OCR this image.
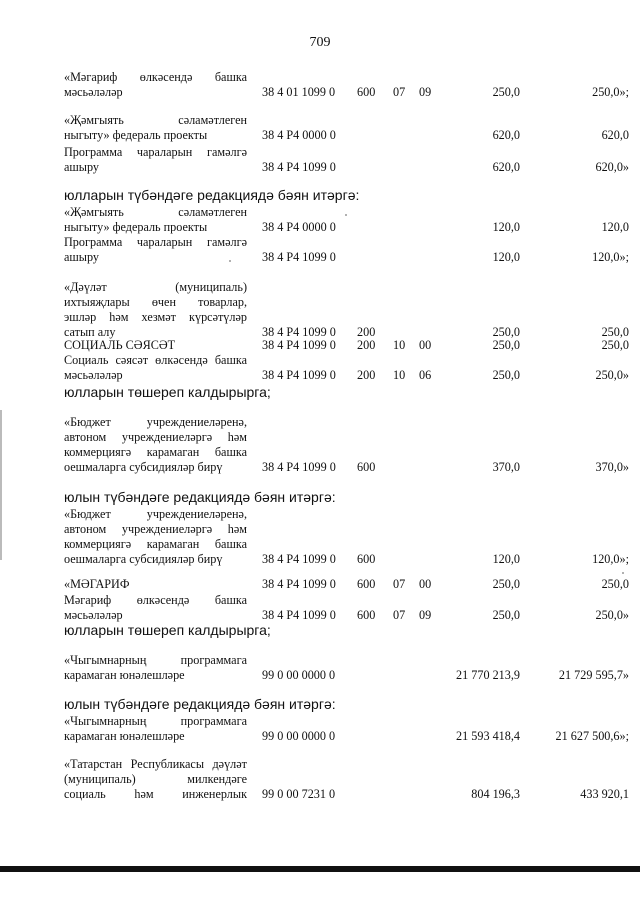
709
«Мәгариф өлкәсендә башка
мәсьәләләр	38 4 01 1099 0 600 07 09	250,0	250,0»;
«Җәмгыять сәламәтлеген
ныгыту» федераль проекты	38 4 Р4 0000 0	620,0	620,0
Программа чараларын гамәлгә
ашыру	38 4 Р4 1099 0	620,0	620,0»
юлларын түбәндәге редакциядә бәян итәргә:
«Җәмгыять сәламәтлеген
ныгыту» федераль проекты	38 4 Р4 0000 0	120,0	120,0
Программа чараларын гамәлгә
ашыру	38 4 Р4 1099 0	120,0	120,0»;
«Дәүләт (муниципаль)
ихтыяҗлары өчен товарлар,
эшләр һәм хезмәт күрсәтүләр
сатып алу	38 4 Р4 1099 0 200	250,0	250,0
СОЦИАЛЬ СӘЯСӘТ	38 4 Р4 1099 0 200 10 00	250,0	250,0
Социаль сәясәт өлкәсендә башка
мәсьәләләр	38 4 Р4 1099 0 200 10 06	250,0	250,0»
юлларын төшереп калдырырга;
«Бюджет учреждениеләренә,
автоном учреждениеләргә һәм
коммерциягә карамаган башка
оешмаларга субсидияләр бирү	38 4 Р4 1099 0 600	370,0	370,0»
юлын түбәндәге редакциядә бәян итәргә:
«Бюджет учреждениеләренә,
автоном учреждениеләргә һәм
коммерциягә карамаган башка
оешмаларга субсидияләр бирү	38 4 Р4 1099 0 600	120,0	120,0»;
«МӘГАРИФ	38 4 Р4 1099 0 600 07 00	250,0	250,0
Мәгариф өлкәсендә башка
мәсьәләләр	38 4 Р4 1099 0 600 07 09	250,0	250,0»
юлларын төшереп калдырырга;
«Чыгымнарның программага
карамаган юнәлешләре	99 0 00 0000 0	21 770 213,9	21 729 595,7»
юлын түбәндәге редакциядә бәян итәргә:
«Чыгымнарның программага
карамаган юнәлешләре	99 0 00 0000 0	21 593 418,4	21 627 500,6»;
«Татарстан Республикасы дәүләт
(муниципаль) милкендәге
социаль һәм инженерлык 99 0 00 7231 0	804 196,3	433 920,1
